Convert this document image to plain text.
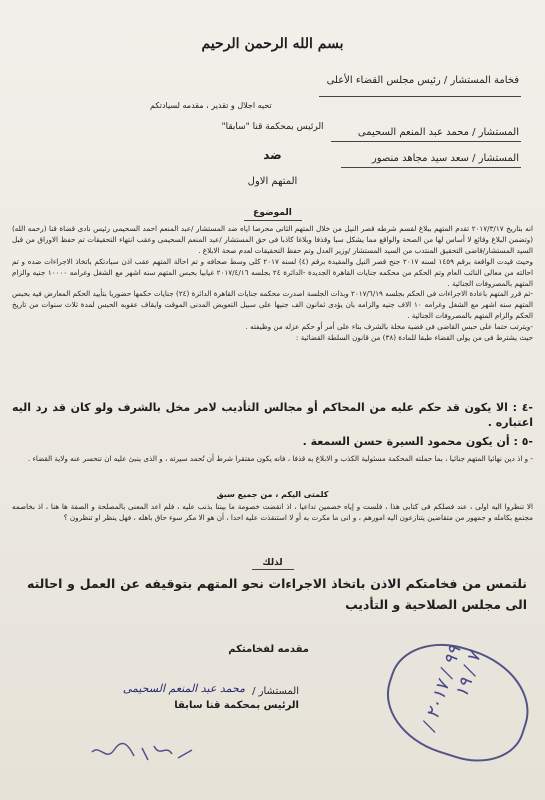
بسم الله الرحمن الرحيم
فخامة المستشار / رئيس مجلس القضاء الأعلى
تحيه اجلال و تقدير ، مقدمه لسيادتكم
الرئيس بمحكمة قنا "سابقا"	المستشار / محمد عبد المنعم السحيمى
ضد	المستشار / سعد سيد مجاهد منصور
المتهم الاول
الموضوع

انه بتاريخ ٢٠١٧/٣/١٧ تقدم المتهم ببلاغ لقسم شرطه قصر النيل من خلال المتهم الثانى محرضا اياه ضد المستشار /عبد المنعم احمد السحيمى رئيس نادى قضاة قنا (رحمه الله) (وتضمن البلاغ وقائع لا أساس لها من الصحة والواقع مما يشكل سبا وقذفا وبلاغا كاذبا فى حق المستشار /عبد المنعم السحيمى وعقب انتهاء التحقيقات تم حفظ الاوراق من قبل السيد المستشار/قاضى التحقيق المنتدب من السيد المستشار /وزير العدل وتم حفظ التحقيقات لعدم صحة الابلاغ .

وحيث قيدت الواقعة برقم ١٤٥٩ لسنه ٢٠١٧ جنح قصر النيل والمقيدة برقم (٤) لسنه ٢٠١٧ كلى وسط صحافه و تم احالة المتهم عقب اذن سيادتكم باتخاذ الاجراءات ضده و تم احالته من معالى النائب العام وتم الحكم من محكمه جنايات القاهرة الجديدة -الدائرة ٢٤ بجلسه ٢٠١٧/٤/١٦ غيابيا بحبس المتهم سنه اشهر مع الشغل وغرامه ١٠٠٠٠ جنيه والزام المتهم بالمصروفات الجنائية .

-ثم قرر المتهم باعادة الاجراءات فى الحكم بجلسه ٢٠١٧/٦/١٩ وبذات الجلسة اصدرت محكمه جنايات القاهرة الدائرة (٢٤) جنايات حكمها حضوريا بتأييد الحكم المعارض فيه بحبس المتهم سنه اشهر مع الشغل وغرامه ١٠ الاف جنيه والزامه بان يؤدى ثمانون الف جنيها على سبيل التعويض المدنى الموقت وايقاف عقوبه الحبس لمدة ثلاث سنوات من تاريخ الحكم والزام المتهم بالمصروفات الجنائية .

-ويترتب حتما على حبس القاضى فى قضية مخلة بالشرف بناء على أمر أو حكم عزله من وظيفته .

حيث يشترط فى من يولى القضاء طبقا للمادة (٣٨) من قانون السلطة القضائية :

-٤ : الا يكون قد حكم عليه من المحاكم أو مجالس التأديب لامر مخل بالشرف ولو كان قد رد اليه اعتباره .
-٥ : أن يكون محمود السيرة حسن السمعة .
- و اذ دين نهائيا المتهم جنائيا ، بما حملته المحكمة مسئولية الكذب و الابلاغ به قذفا ، فانه يكون مفتقرا شرط أن تُحمد سيرته ، و الذى ينبئ عليه ان تنحسر عنه ولاية القضاء .
كلمتى اليكم ، من جميع سبق
الا تنظروا اليه اولى ، عند فصلكم فى كتابى هذا ، فلست و إياه خصمين تداعيا ، اذ انقضت خصومة ما بيننا بذنب عليه ، فلم اعد المعنى بالمصلحة و الصفة ها هنا ، اذ بخاصمه مجتمع بكامله و جمهور من متقاضين يتنازعون اليه امورهم ، و انى ما مكرت به أو لا استنقذت عليه احدا ، أن هو الا مكر سوء حاق باهله ، فهل ينظر او تنظرون ؟
لذلك
نلتمس من فخامتكم الاذن باتخاذ الاجراءات نحو المتهم بتوقيفه عن العمل و احالته الى مجلس الصلاحية و التأديب
مقدمه لفخامتكم
المستشار /
محمد عبد المنعم السحيمى
الرئيس بمحكمة قنا سابقا
٩٩ / ٢٠١٧ / ٧ / ١٩
